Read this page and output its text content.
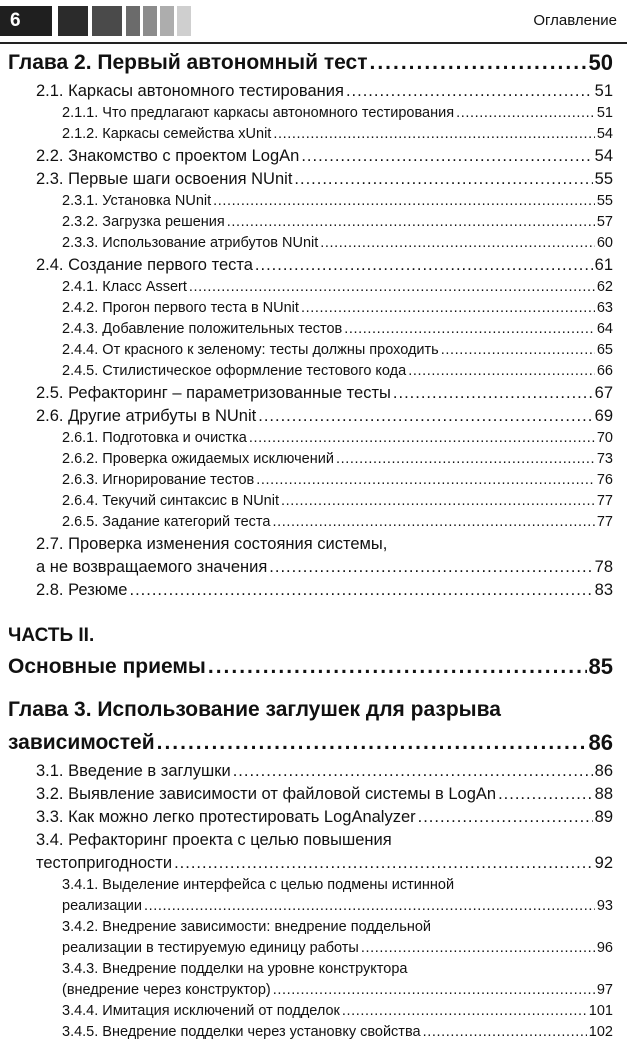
6	Оглавление
Глава 2. Первый автономный тест .....	50
2.1. Каркасы автономного тестирования .....	51
2.1.1. Что предлагают каркасы автономного тестирования .....	51
2.1.2. Каркасы семейства xUnit .....	54
2.2. Знакомство с проектом LogAn .....	54
2.3. Первые шаги освоения NUnit .....	55
2.3.1. Установка NUnit .....	55
2.3.2. Загрузка решения .....	57
2.3.3. Использование атрибутов NUnit .....	60
2.4. Создание первого теста .....	61
2.4.1. Класс Assert .....	62
2.4.2. Прогон первого теста в NUnit .....	63
2.4.3. Добавление положительных тестов .....	64
2.4.4. От красного к зеленому: тесты должны проходить .....	65
2.4.5. Стилистическое оформление тестового кода .....	66
2.5. Рефакторинг – параметризованные тесты .....	67
2.6. Другие атрибуты в NUnit .....	69
2.6.1. Подготовка и очистка .....	70
2.6.2. Проверка ожидаемых исключений .....	73
2.6.3. Игнорирование тестов .....	76
2.6.4. Текучий синтаксис в NUnit .....	77
2.6.5. Задание категорий теста .....	77
2.7. Проверка изменения состояния системы,
а не возвращаемого значения .....	78
2.8. Резюме .....	83
ЧАСТЬ II.
Основные приемы .....	85
Глава 3. Использование заглушек для разрыва
зависимостей .....	86
3.1. Введение в заглушки .....	86
3.2. Выявление зависимости от файловой системы в LogAn .....	88
3.3. Как можно легко протестировать LogAnalyzer .....	89
3.4. Рефакторинг проекта с целью повышения
тестопригодности .....	92
3.4.1. Выделение интерфейса с целью подмены истинной
реализации .....	93
3.4.2. Внедрение зависимости: внедрение поддельной
реализации в тестируемую единицу работы .....	96
3.4.3. Внедрение подделки на уровне конструктора
(внедрение через конструктор) .....	97
3.4.4. Имитация исключений от подделок .....	101
3.4.5. Внедрение подделки через установку свойства .....	102
